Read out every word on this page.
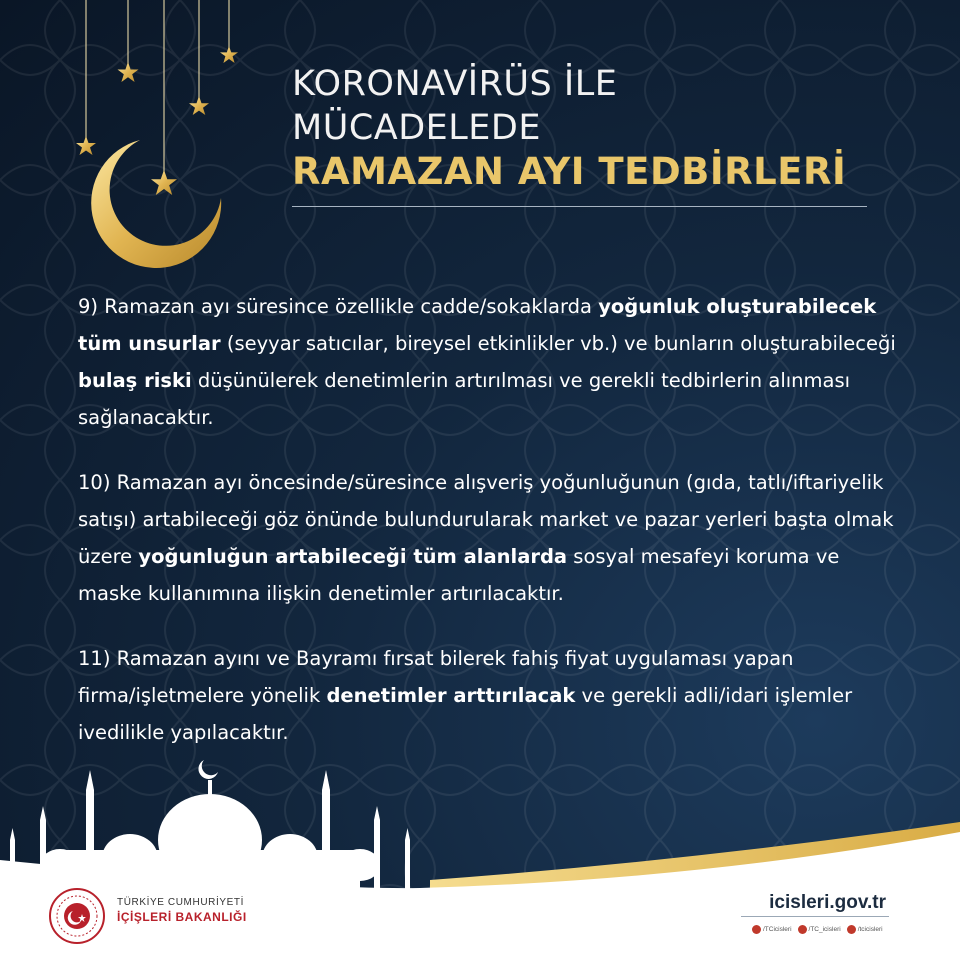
KORONAVİRÜS İLE
MÜCADELEDE
RAMAZAN AYI TEDBİRLERİ

9) Ramazan ayı süresince özellikle cadde/sokaklarda yoğunluk oluşturabilecek tüm unsurlar (seyyar satıcılar, bireysel etkinlikler vb.) ve bunların oluşturabileceği bulaş riski düşünülerek denetimlerin artırılması ve gerekli tedbirlerin alınması sağlanacaktır.

10) Ramazan ayı öncesinde/süresince alışveriş yoğunluğunun (gıda, tatlı/iftariyelik satışı) artabileceği göz önünde bulundurularak market ve pazar yerleri başta olmak üzere yoğunluğun artabileceği tüm alanlarda sosyal mesafeyi koruma ve maske kullanımına ilişkin denetimler artırılacaktır.

11) Ramazan ayını ve Bayramı fırsat bilerek fahiş fiyat uygulaması yapan firma/işletmelere yönelik denetimler arttırılacak ve gerekli adli/idari işlemler ivedilikle yapılacaktır.

TÜRKİYE CUMHURİYETİ
İÇİŞLERİ BAKANLIĞI
icisleri.gov.tr
/TCicisleri	/TC_icisleri	/tcicisleri
